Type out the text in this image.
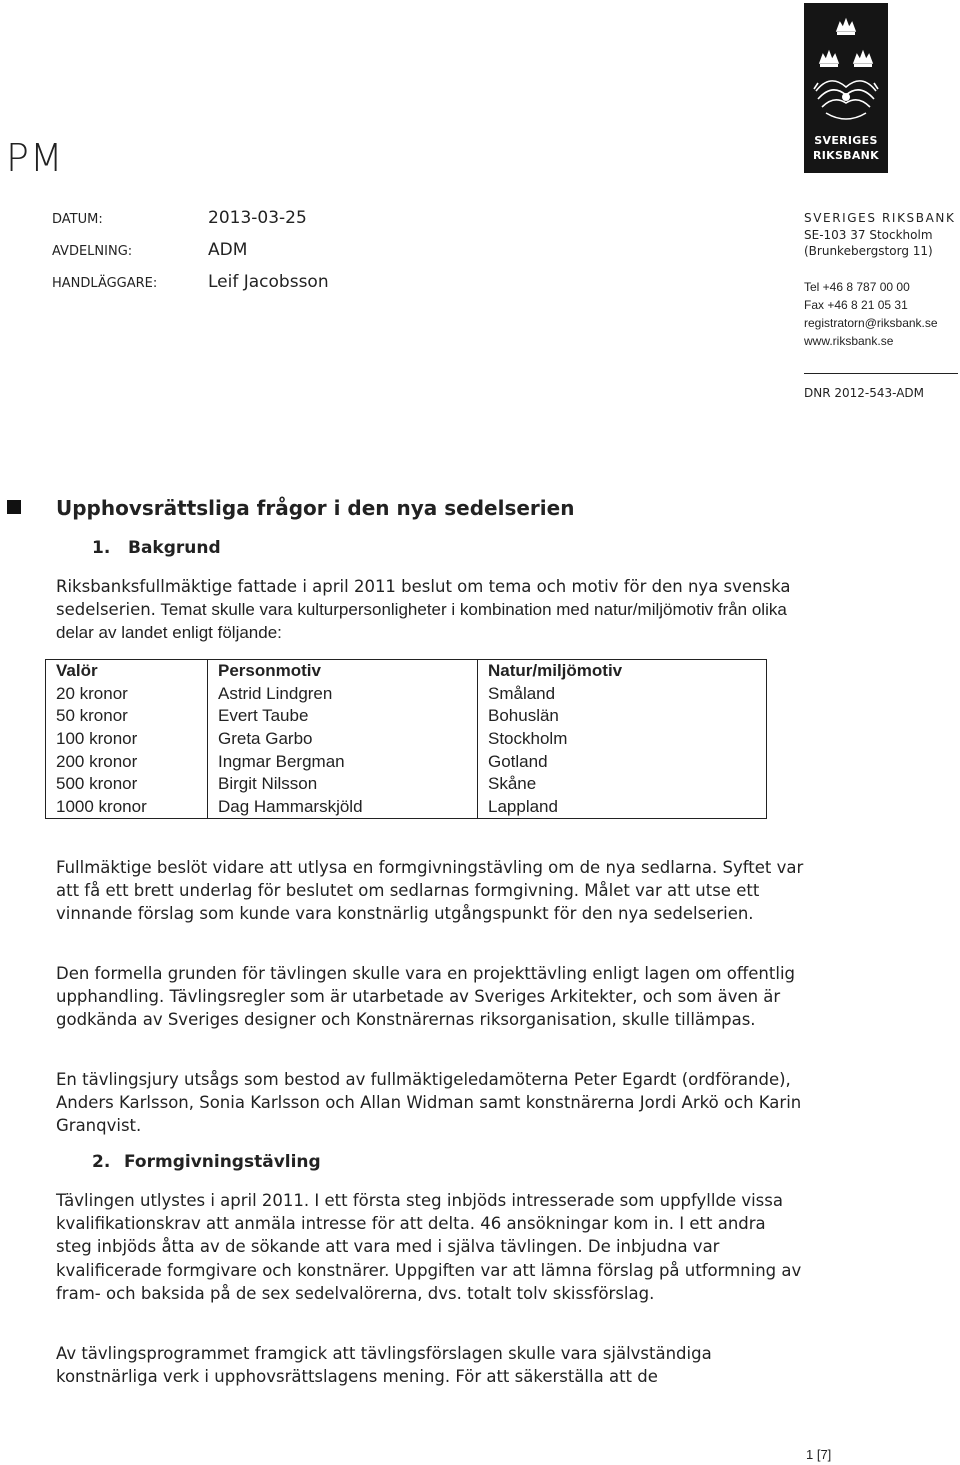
PM
DATUM:	2013-03-25
AVDELNING:	ADM
HANDLÄGGARE:	Leif Jacobsson
SVERIGES
RIKSBANK
SVERIGES RIKSBANK
SE-103 37 Stockholm
(Brunkebergstorg 11)
Tel +46 8 787 00 00
Fax +46 8 21 05 31
registratorn@riksbank.se
www.riksbank.se
DNR 2012-543-ADM
Upphovsrättsliga frågor i den nya sedelserien
1. Bakgrund
Riksbanksfullmäktige fattade i april 2011 beslut om tema och motiv för den nya svenska sedelserien. Temat skulle vara kulturpersonligheter i kombination med natur/miljömotiv från olika delar av landet enligt följande:
Valör	Personmotiv	Natur/miljömotiv
20 kronor	Astrid Lindgren	Småland
50 kronor	Evert Taube	Bohuslän
100 kronor	Greta Garbo	Stockholm
200 kronor	Ingmar Bergman	Gotland
500 kronor	Birgit Nilsson	Skåne
1000 kronor	Dag Hammarskjöld	Lappland
Fullmäktige beslöt vidare att utlysa en formgivningstävling om de nya sedlarna. Syftet var att få ett brett underlag för beslutet om sedlarnas formgivning. Målet var att utse ett vinnande förslag som kunde vara konstnärlig utgångspunkt för den nya sedelserien.
Den formella grunden för tävlingen skulle vara en projekttävling enligt lagen om offentlig upphandling. Tävlingsregler som är utarbetade av Sveriges Arkitekter, och som även är godkända av Sveriges designer och Konstnärernas riksorganisation, skulle tillämpas.
En tävlingsjury utsågs som bestod av fullmäktigeledamöterna Peter Egardt (ordförande), Anders Karlsson, Sonia Karlsson och Allan Widman samt konstnärerna Jordi Arkö och Karin Granqvist.
2. Formgivningstävling
Tävlingen utlystes i april 2011. I ett första steg inbjöds intresserade som uppfyllde vissa kvalifikationskrav att anmäla intresse för att delta. 46 ansökningar kom in. I ett andra steg inbjöds åtta av de sökande att vara med i själva tävlingen. De inbjudna var kvalificerade formgivare och konstnärer. Uppgiften var att lämna förslag på utformning av fram- och baksida på de sex sedelvalörerna, dvs. totalt tolv skissförslag.
Av tävlingsprogrammet framgick att tävlingsförslagen skulle vara självständiga konstnärliga verk i upphovsrättslagens mening. För att säkerställa att de
1 [7]
